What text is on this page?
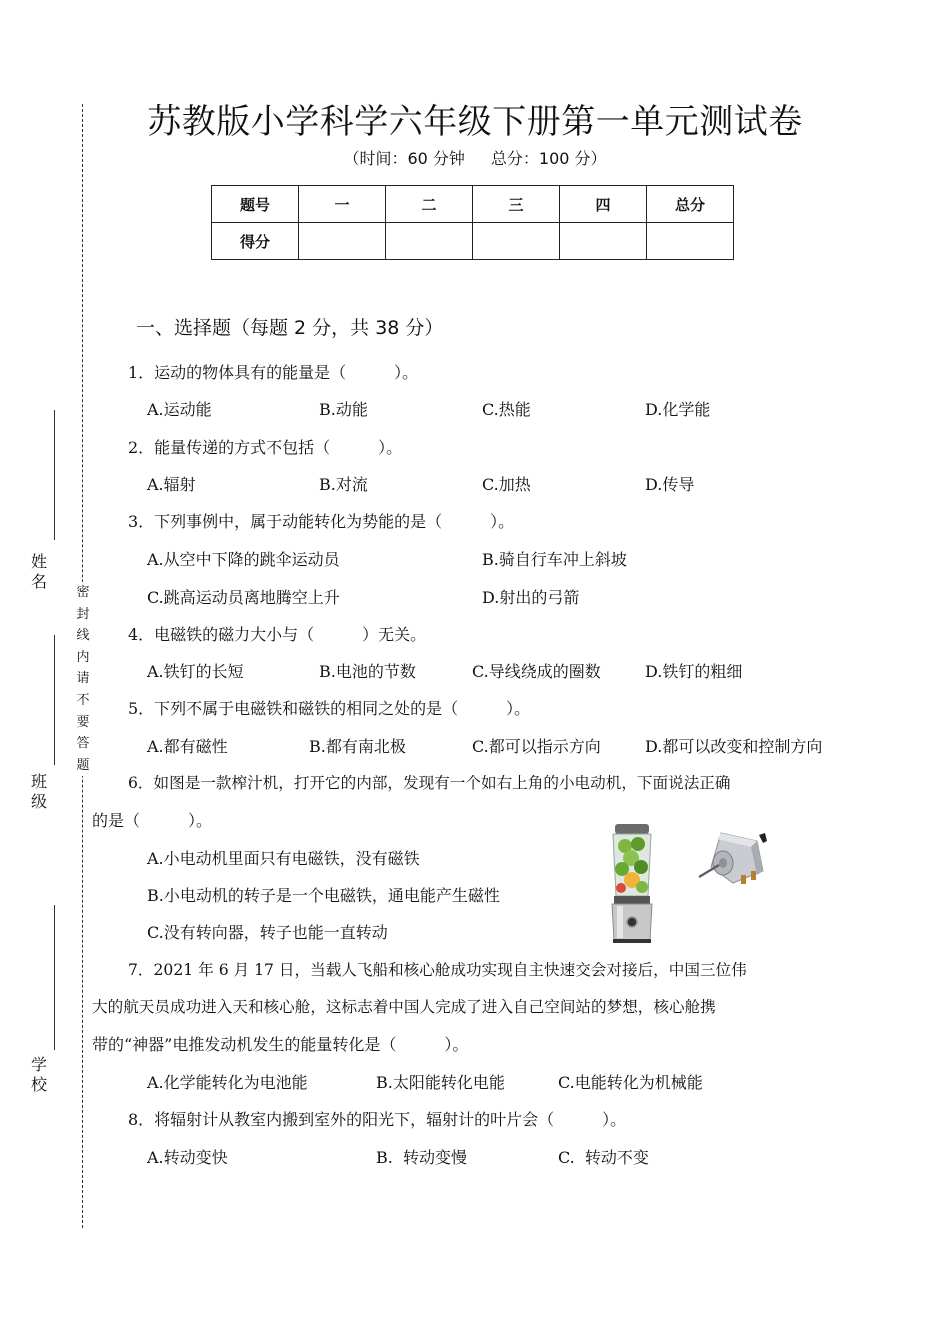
密
封
线
内
请
不
要
答
题
姓
名
班
级
学
校
苏教版小学科学六年级下册第一单元测试卷
（时间：60 分钟 总分：100 分）
题号	一	二	三	四	总分
得分					
一、选择题（每题 2 分，共 38 分）
1．运动的物体具有的能量是（　　　）。
A.运动能	B.动能	C.热能	D.化学能
2．能量传递的方式不包括（　　　）。
A.辐射	B.对流	C.加热	D.传导
3．下列事例中，属于动能转化为势能的是（　　　）。
A.从空中下降的跳伞运动员	B.骑自行车冲上斜坡
C.跳高运动员离地腾空上升	D.射出的弓箭
4．电磁铁的磁力大小与（　　　）无关。
A.铁钉的长短	B.电池的节数	C.导线绕成的圈数	D.铁钉的粗细
5．下列不属于电磁铁和磁铁的相同之处的是（　　　）。
A.都有磁性	B.都有南北极	C.都可以指示方向	D.都可以改变和控制方向
6．如图是一款榨汁机，打开它的内部，发现有一个如右上角的小电动机，下面说法正确
的是（　　　）。
A.小电动机里面只有电磁铁，没有磁铁
B.小电动机的转子是一个电磁铁，通电能产生磁性
C.没有转向器，转子也能一直转动
7．2021 年 6 月 17 日，当载人飞船和核心舱成功实现自主快速交会对接后，中国三位伟
大的航天员成功进入天和核心舱，这标志着中国人完成了进入自己空间站的梦想，核心舱携
带的“神器”电推发动机发生的能量转化是（　　　）。
A.化学能转化为电池能	B.太阳能转化电能	C.电能转化为机械能
8．将辐射计从教室内搬到室外的阳光下，辐射计的叶片会（　　　）。
A.转动变快	B.  转动变慢	C.  转动不变
